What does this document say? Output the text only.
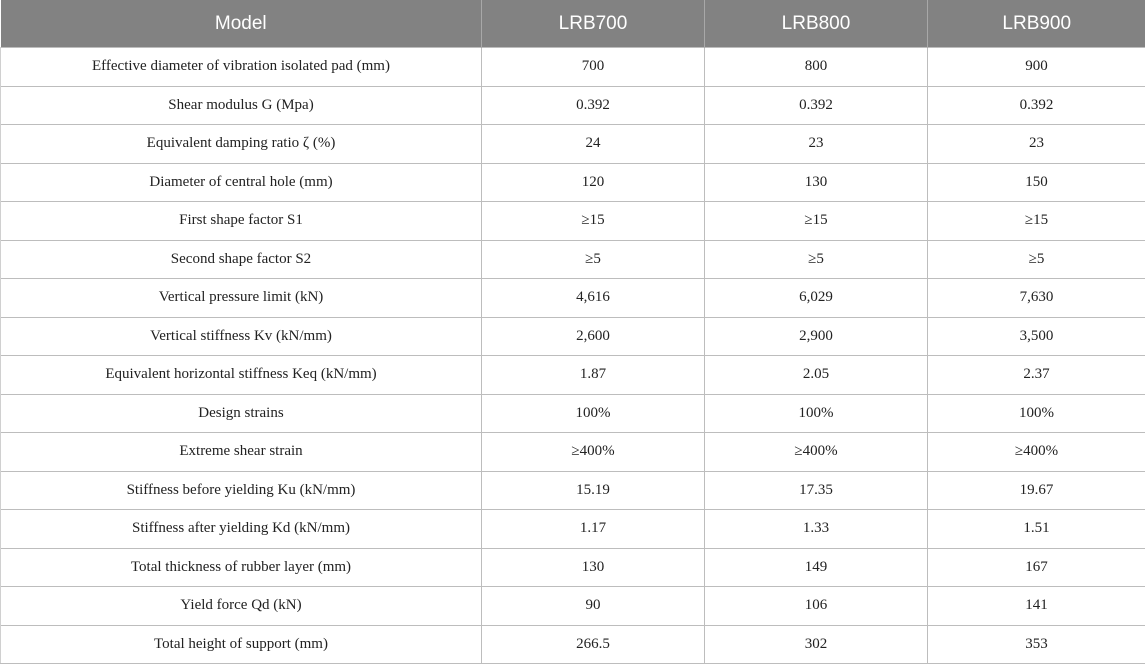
Model	LRB700	LRB800	LRB900
Effective diameter of vibration isolated pad (mm)	700	800	900
Shear modulus G (Mpa)	0.392	0.392	0.392
Equivalent damping ratio ζ (%)	24	23	23
Diameter of central hole (mm)	120	130	150
First shape factor S1	≥15	≥15	≥15
Second shape factor S2	≥5	≥5	≥5
Vertical pressure limit (kN)	4,616	6,029	7,630
Vertical stiffness Kv (kN/mm)	2,600	2,900	3,500
Equivalent horizontal stiffness Keq (kN/mm)	1.87	2.05	2.37
Design strains	100%	100%	100%
Extreme shear strain	≥400%	≥400%	≥400%
Stiffness before yielding Ku (kN/mm)	15.19	17.35	19.67
Stiffness after yielding Kd (kN/mm)	1.17	1.33	1.51
Total thickness of rubber layer (mm)	130	149	167
Yield force Qd (kN)	90	106	141
Total height of support (mm)	266.5	302	353
